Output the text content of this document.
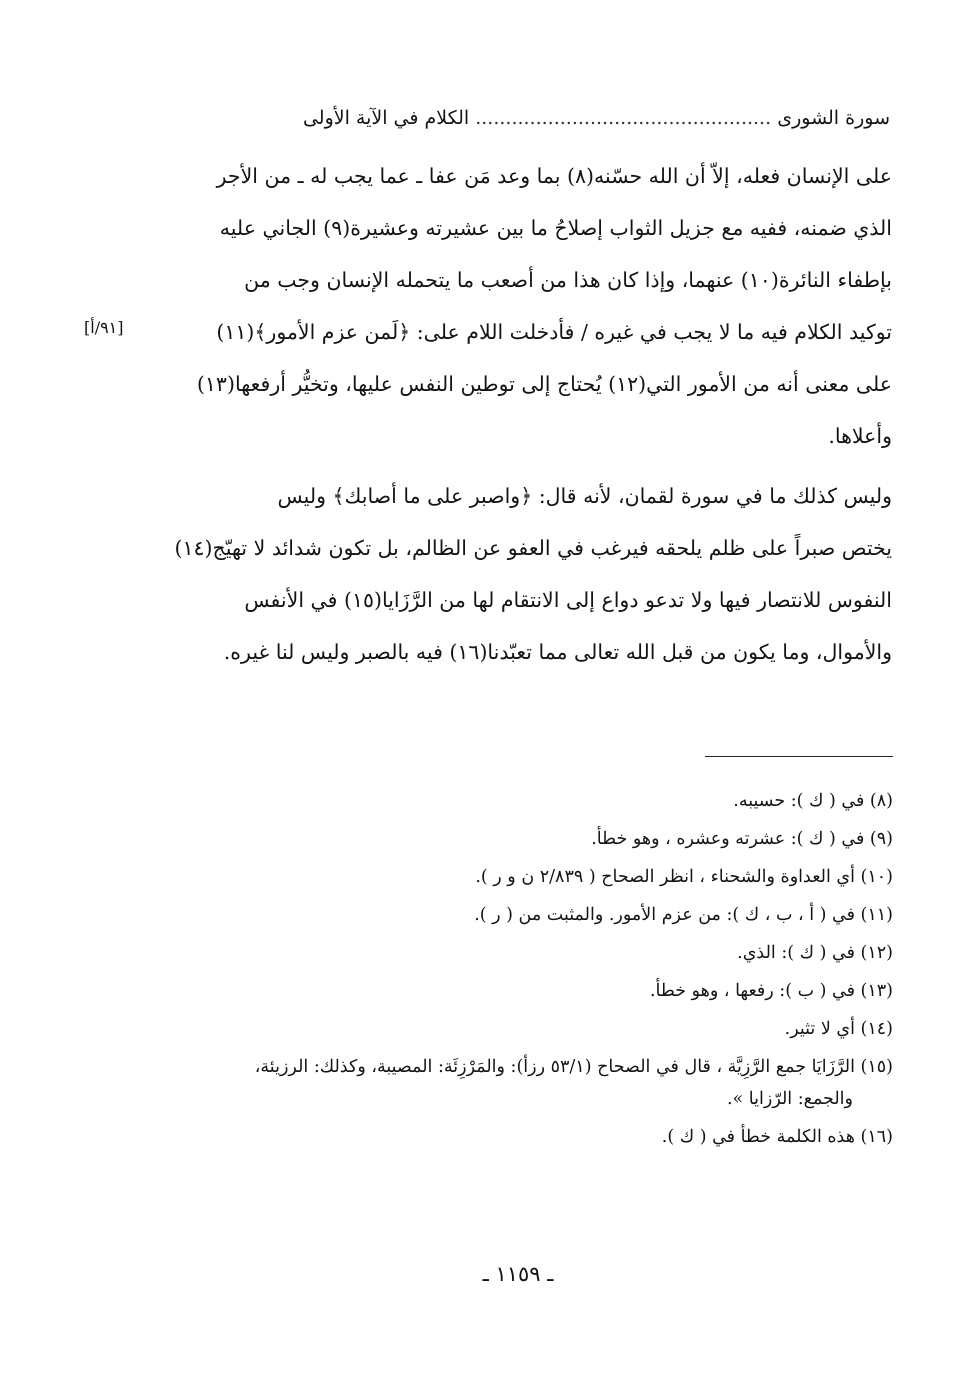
سورة الشورى ................................................. الكلام في الآية الأولى
[٩١/أ]
على الإنسان فعله، إلاّ أن الله حسّنه(٨) بما وعد مَن عفا ـ عما يجب له ـ من الأجر
الذي ضمنه، ففيه مع جزيل الثواب إصلاحُ ما بين عشيرته وعشيرة(٩) الجاني عليه
بإطفاء النائرة(١٠) عنهما، وإذا كان هذا من أصعب ما يتحمله الإنسان وجب من
توكيد الكلام فيه ما لا يجب في غيره / فأدخلت اللام على: ﴿لَمن عزم الأمور﴾(١١)
على معنى أنه من الأمور التي(١٢) يُحتاج إلى توطين النفس عليها، وتخيُّر أرفعها(١٣)
وأعلاها.
وليس كذلك ما في سورة لقمان، لأنه قال: ﴿واصبر على ما أصابك﴾ وليس
يختص صبراً على ظلم يلحقه فيرغب في العفو عن الظالم، بل تكون شدائد لا تهيّج(١٤)
النفوس للانتصار فيها ولا تدعو دواع إلى الانتقام لها من الرَّزَايا(١٥) في الأنفس
والأموال، وما يكون من قبل الله تعالى مما تعبّدنا(١٦) فيه بالصبر وليس لنا غيره.
(٨) في ( ك ): حسيبه.
(٩) في ( ك ): عشرته وعشره ، وهو خطأ.
(١٠) أي العداوة والشحناء ، انظر الصحاح ( ٢/٨٣٩ ن و ر ).
(١١) في ( أ ، ب ، ك ): من عزم الأمور. والمثبت من ( ر ).
(١٢) في ( ك ): الذي.
(١٣) في ( ب ): رفعها ، وهو خطأ.
(١٤) أي لا تثير.
(١٥) الرَّزَايَا جمع الرَّزِيَّة ، قال في الصحاح (٥٣/١ رزأ): والمَرْزِئَة: المصيبة، وكذلك: الرزيئة،
والجمع: الرّزايا ».
(١٦) هذه الكلمة خطأ في ( ك ).
ـ ١١٥٩ ـ
